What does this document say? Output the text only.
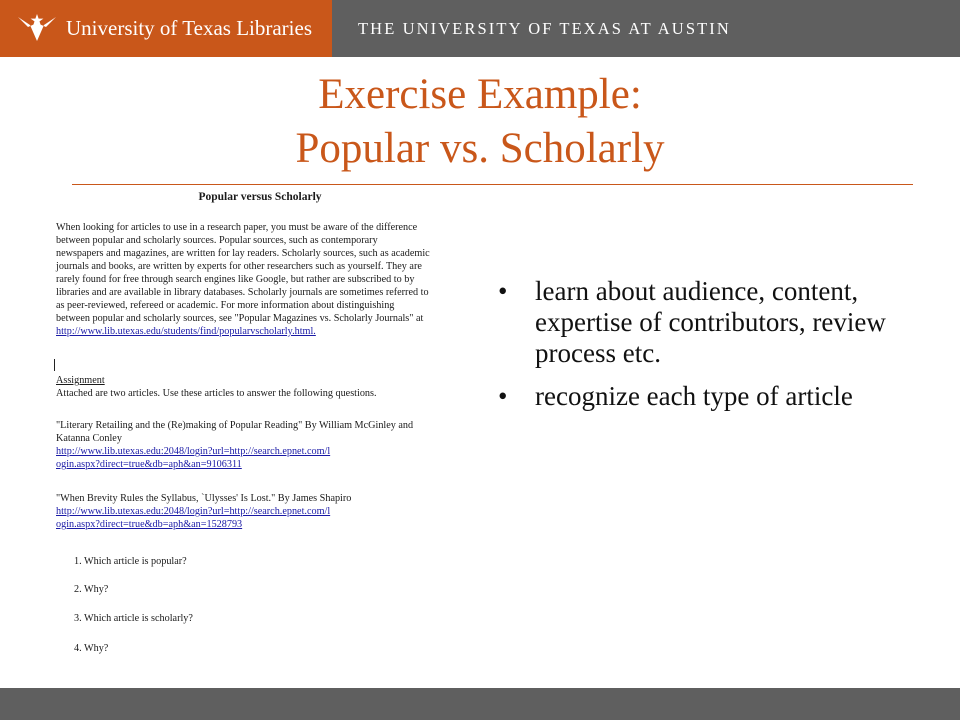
University of Texas Libraries	THE UNIVERSITY OF TEXAS AT AUSTIN
Exercise Example:
Popular vs. Scholarly
Popular versus Scholarly
When looking for articles to use in a research paper, you must be aware of the difference
between popular and scholarly sources. Popular sources, such as contemporary
newspapers and magazines, are written for lay readers. Scholarly sources, such as academic
journals and books, are written by experts for other researchers such as yourself. They are
rarely found for free through search engines like Google, but rather are subscribed to by
libraries and are available in library databases. Scholarly journals are sometimes referred to
as peer-reviewed, refereed or academic. For more information about distinguishing
between popular and scholarly sources, see "Popular Magazines vs. Scholarly Journals" at
http://www.lib.utexas.edu/students/find/popularvscholarly.html.
Assignment
Attached are two articles. Use these articles to answer the following questions.
"Literary Retailing and the (Re)making of Popular Reading" By William McGinley and
Katanna Conley
http://www.lib.utexas.edu:2048/login?url=http://search.epnet.com/l
ogin.aspx?direct=true&db=aph&an=9106311
"When Brevity Rules the Syllabus, `Ulysses' Is Lost." By James Shapiro
http://www.lib.utexas.edu:2048/login?url=http://search.epnet.com/l
ogin.aspx?direct=true&db=aph&an=1528793
1. Which article is popular?
2. Why?
3. Which article is scholarly?
4. Why?
• learn about audience, content, expertise of contributors, review process etc.
• recognize each type of article
